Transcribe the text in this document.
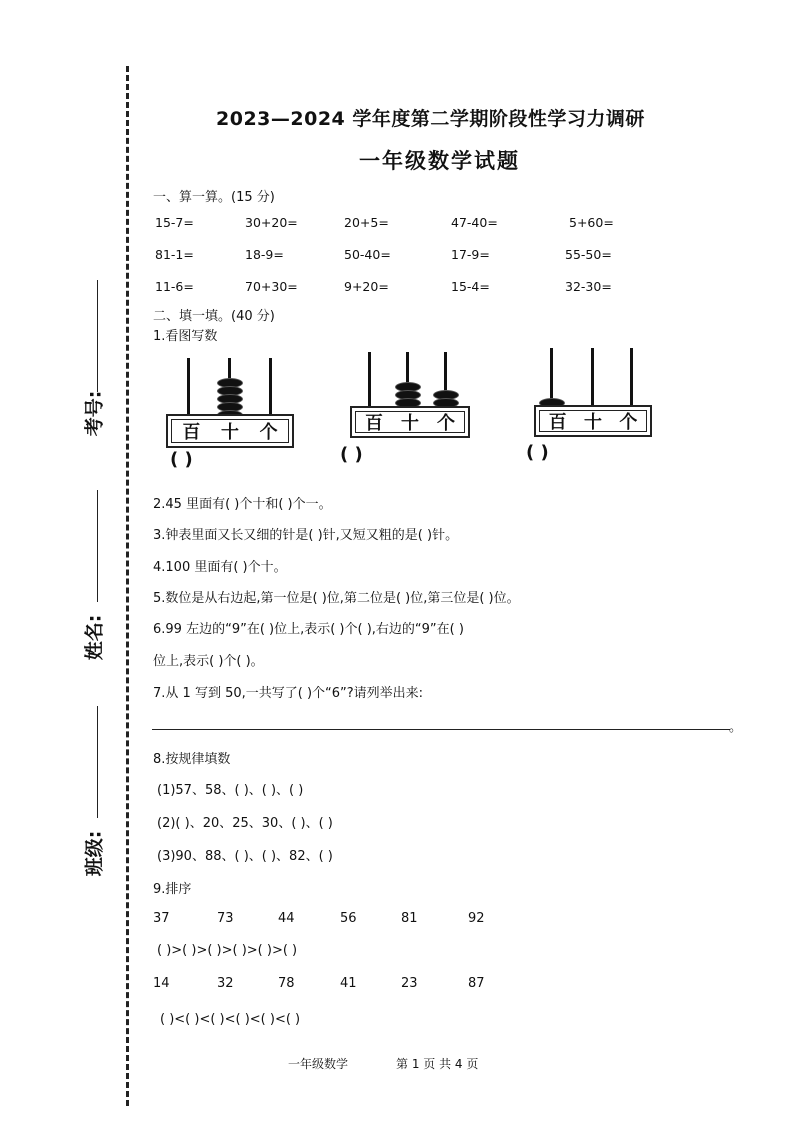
考号:
姓名:
班级:
2023—2024 学年度第二学期阶段性学习力调研
一年级数学试题
一、算一算。(15 分)
15-7=	30+20=	20+5=	47-40=	5+60=
81-1=	18-9=	50-40=	17-9=	55-50=
11-6=	70+30=	9+20=	15-4=	32-30=
二、填一填。(40 分)
1.看图写数
百 十 个
( )
百 十 个
( )
百 十 个
( )
2.45 里面有( )个十和( )个一。
3.钟表里面又长又细的针是( )针,又短又粗的是( )针。
4.100 里面有( )个十。
5.数位是从右边起,第一位是( )位,第二位是( )位,第三位是( )位。
6.99 左边的“9”在( )位上,表示( )个( ),右边的“9”在( )
位上,表示( )个( )。
7.从 1 写到 50,一共写了( )个“6”?请列举出来:
。
8.按规律填数
(1)57、58、( )、( )、( )
(2)( )、20、25、30、( )、( )
(3)90、88、( )、( )、82、( )
9.排序
37	73	44	56	81	92
( )>( )>( )>( )>( )>( )
14	32	78	41	23	87
( )<( )<( )<( )<( )<( )
一年级数学	第 1 页 共 4 页
